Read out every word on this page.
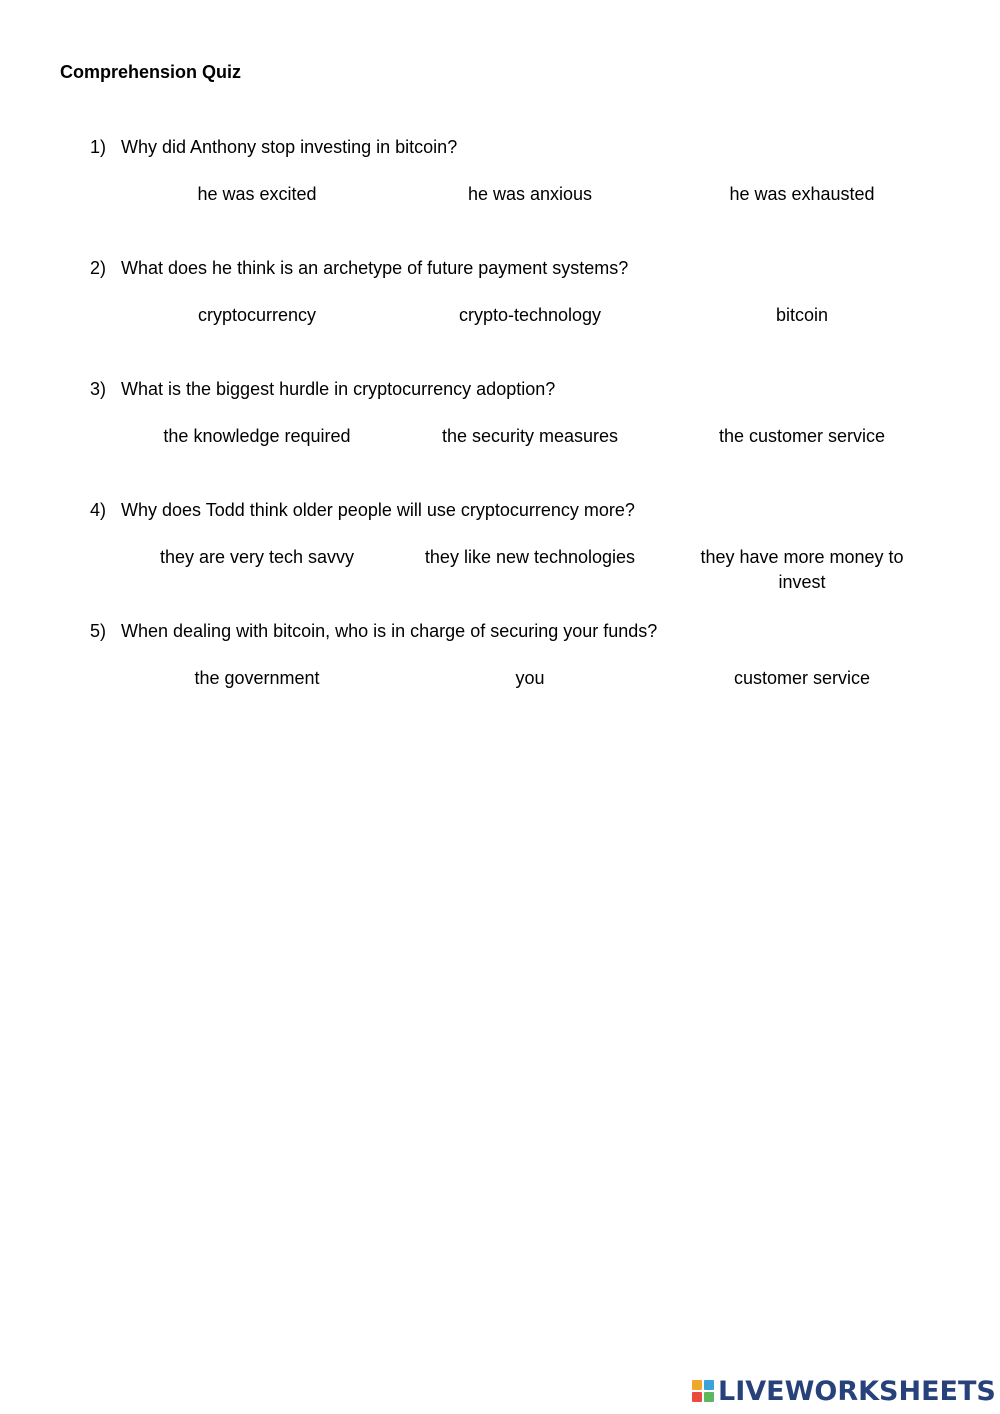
Comprehension Quiz
1) Why did Anthony stop investing in bitcoin?
he was excited	he was anxious	he was exhausted
2) What does he think is an archetype of future payment systems?
cryptocurrency	crypto-technology	bitcoin
3) What is the biggest hurdle in cryptocurrency adoption?
the knowledge required	the security measures	the customer service
4) Why does Todd think older people will use cryptocurrency more?
they are very tech savvy	they like new technologies	they have more money to invest
5) When dealing with bitcoin, who is in charge of securing your funds?
the government	you	customer service
LIVEWORKSHEETS
